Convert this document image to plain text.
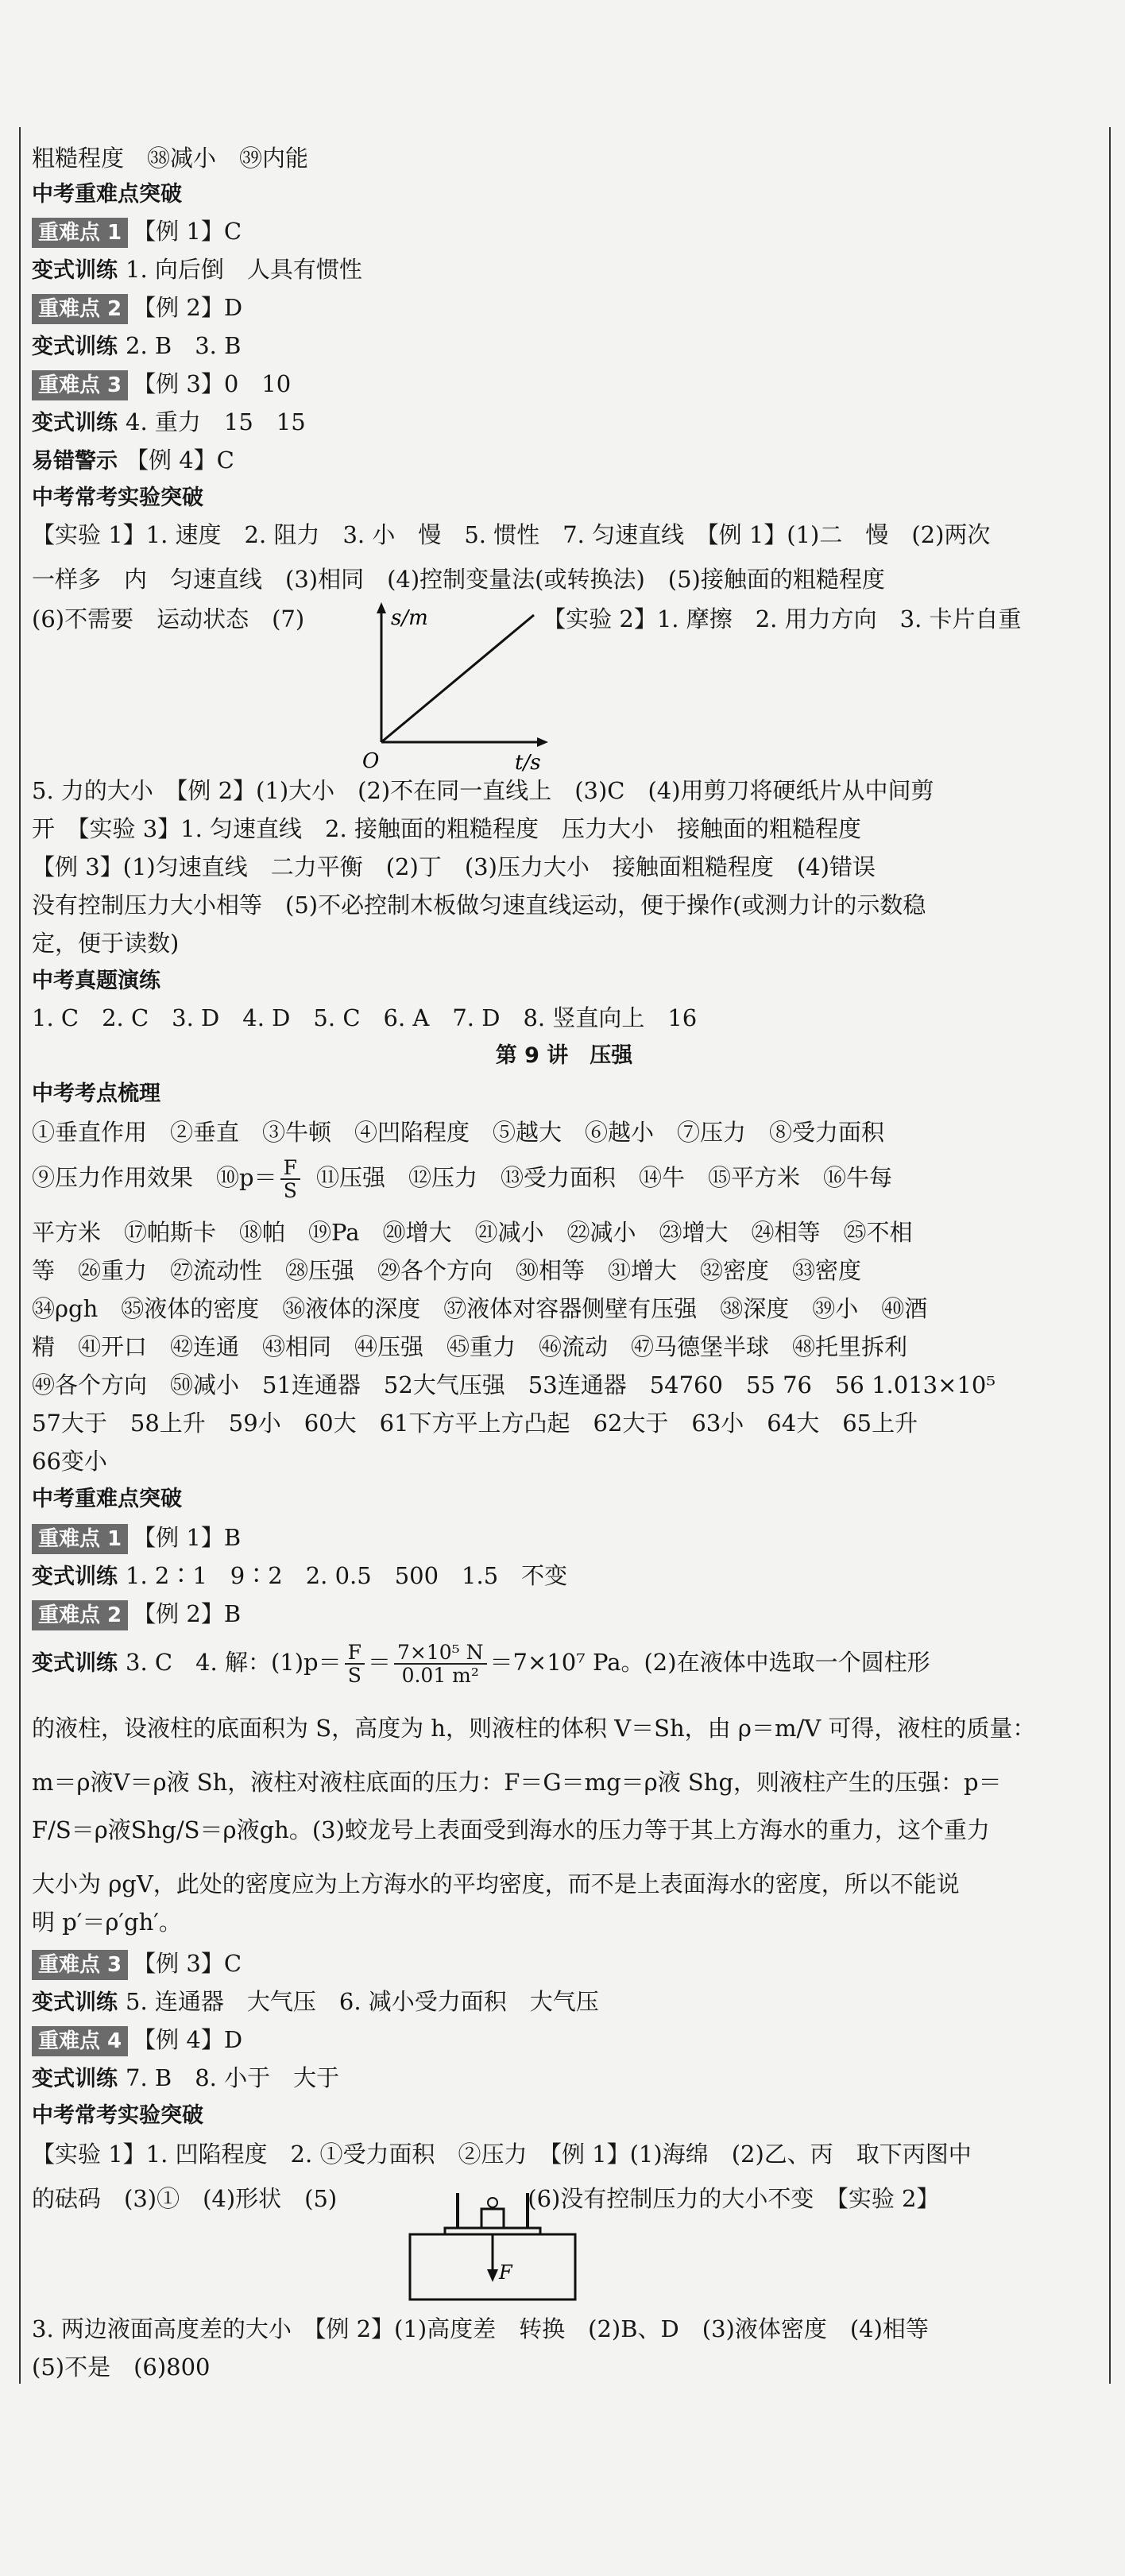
粗糙程度　㊳减小　㊴内能
中考重难点突破
重难点 1 【例 1】C
变式训练 1. 向后倒　人具有惯性
重难点 2 【例 2】D
变式训练 2. B　3. B
重难点 3 【例 3】0　10
变式训练 4. 重力　15　15
易错警示 【例 4】C
中考常考实验突破
【实验 1】1. 速度　2. 阻力　3. 小　慢　5. 惯性　7. 匀速直线　【例 1】(1)二　慢　(2)两次
一样多　内　匀速直线　(3)相同　(4)控制变量法(或转换法)　(5)接触面的粗糙程度
(6)不需要　运动状态　(7)	【实验 2】1. 摩擦　2. 用力方向　3. 卡片自重
s/m
t/s
O
5. 力的大小　【例 2】(1)大小　(2)不在同一直线上　(3)C　(4)用剪刀将硬纸片从中间剪
开　【实验 3】1. 匀速直线　2. 接触面的粗糙程度　压力大小　接触面的粗糙程度
【例 3】(1)匀速直线　二力平衡　(2)丁　(3)压力大小　接触面粗糙程度　(4)错误
没有控制压力大小相等　(5)不必控制木板做匀速直线运动，便于操作(或测力计的示数稳
定，便于读数)
中考真题演练
1. C　2. C　3. D　4. D　5. C　6. A　7. D　8. 竖直向上　16
第 9 讲　压强
中考考点梳理
①垂直作用　②垂直　③牛顿　④凹陷程度　⑤越大　⑥越小　⑦压力　⑧受力面积
⑨压力作用效果　⑩p＝ $\frac{F}{S}$ ⑪压强　⑫压力　⑬受力面积　⑭牛　⑮平方米　⑯牛每
平方米　⑰帕斯卡　⑱帕　⑲Pa　⑳增大　㉑减小　㉒减小　㉓增大　㉔相等　㉕不相
等　㉖重力　㉗流动性　㉘压强　㉙各个方向　㉚相等　㉛增大　㉜密度　㉝密度
㉞ρgh　㉟液体的密度　㊱液体的深度　㊲液体对容器侧壁有压强　㊳深度　㊴小　㊵酒
精　㊶开口　㊷连通　㊸相同　㊹压强　㊺重力　㊻流动　㊼马德堡半球　㊽托里拆利
㊾各个方向　㊿减小　51连通器　52大气压强　53连通器　54760　55 76　56 1.013×10⁵
57大于　58上升　59小　60大　61下方平上方凸起　62大于　63小　64大　65上升
66变小
中考重难点突破
重难点 1 【例 1】B
变式训练 1. 2∶1　9∶2　2. 0.5　500　1.5　不变
重难点 2 【例 2】B
变式训练 3. C　4. 解：$(1)p= \frac{F}{S} = \frac{\text{7×10⁵ N}}{\text{0.01 m²}} =7\times 10^7$ Pa。(2)在液体中选取一个圆柱形
的液柱，设液柱的底面积为 S，高度为 h，则液柱的体积 V＝Sh，由 ρ＝m/V 可得，液柱的质量：
m＝ρ液V＝ρ液 Sh，液柱对液柱底面的压力：F＝G＝mg＝ρ液 Shg，则液柱产生的压强：p＝
F/S＝ρ液Shg/S＝ρ液gh。(3)蛟龙号上表面受到海水的压力等于其上方海水的重力，这个重力
大小为 ρgV，此处的密度应为上方海水的平均密度，而不是上表面海水的密度，所以不能说
明 p′＝ρ′gh′。
重难点 3 【例 3】C
变式训练 5. 连通器　大气压　6. 减小受力面积　大气压
重难点 4 【例 4】D
变式训练 7. B　8. 小于　大于
中考常考实验突破
【实验 1】1. 凹陷程度　2. ①受力面积　②压力　【例 1】(1)海绵　(2)乙、丙　取下丙图中
的砝码　(3)①　(4)形状　(5)	(6)没有控制压力的大小不变　【实验 2】
F
3. 两边液面高度差的大小　【例 2】(1)高度差　转换　(2)B、D　(3)液体密度　(4)相等
(5)不是　(6)800
